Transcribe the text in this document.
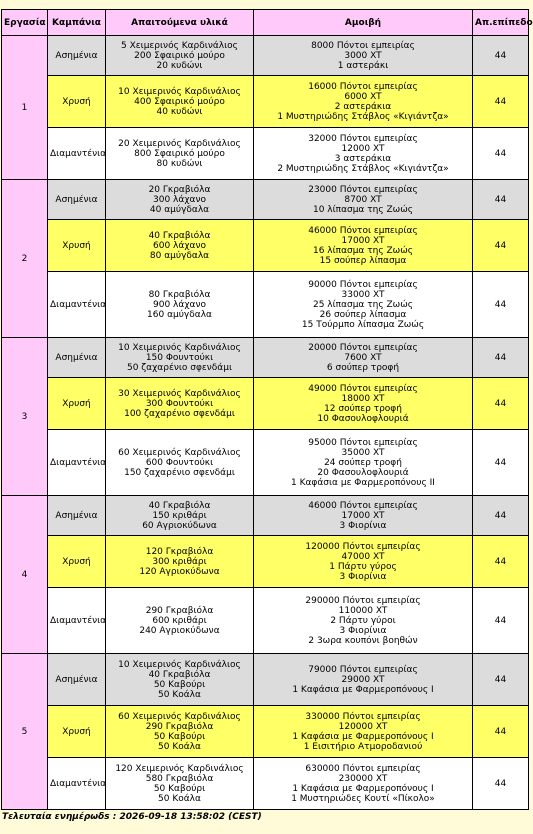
Εργασία	Καμπάνια	Απαιτούμενα υλικά	Αμοιβή	Απ.επίπεδο
1	Ασημένια	5 Χειμερινός Καρδινάλιος
200 Σφαιρικό μούρο
20 κυδώνι	8000 Πόντοι εμπειρίας
3000 XT
1 αστεράκι	44
	Χρυσή	10 Χειμερινός Καρδινάλιος
400 Σφαιρικό μούρο
40 κυδώνι	16000 Πόντοι εμπειρίας
6000 XT
2 αστεράκια
1 Μυστηριώδης Στάβλος «Κιγιάντζα»	44
	Διαμαντένια	20 Χειμερινός Καρδινάλιος
800 Σφαιρικό μούρο
80 κυδώνι	32000 Πόντοι εμπειρίας
12000 XT
3 αστεράκια
2 Μυστηριώδης Στάβλος «Κιγιάντζα»	44
2	Ασημένια	20 Γκραβιόλα
300 λάχανο
40 αμύγδαλα	23000 Πόντοι εμπειρίας
8700 XT
10 λίπασμα της Ζωώς	44
	Χρυσή	40 Γκραβιόλα
600 λάχανο
80 αμύγδαλα	46000 Πόντοι εμπειρίας
17000 XT
16 λίπασμα της Ζωώς
15 σούπερ λίπασμα	44
	Διαμαντένια	80 Γκραβιόλα
900 λάχανο
160 αμύγδαλα	90000 Πόντοι εμπειρίας
33000 XT
25 λίπασμα της Ζωώς
26 σούπερ λίπασμα
15 Τούρμπο λίπασμα Ζωώς	44
3	Ασημένια	10 Χειμερινός Καρδινάλιος
150 Φουντούκι
50 ζαχαρένιο σφενδάμι	20000 Πόντοι εμπειρίας
7600 XT
6 σούπερ τροφή	44
	Χρυσή	30 Χειμερινός Καρδινάλιος
300 Φουντούκι
100 ζαχαρένιο σφενδάμι	49000 Πόντοι εμπειρίας
18000 XT
12 σούπερ τροφή
10 Φασουλοφλουριά	44
	Διαμαντένια	60 Χειμερινός Καρδινάλιος
600 Φουντούκι
150 ζαχαρένιο σφενδάμι	95000 Πόντοι εμπειρίας
35000 XT
24 σούπερ τροφή
20 Φασουλοφλουριά
1 Καφάσια με Φαρμεροπόνους ΙΙ	44
4	Ασημένια	40 Γκραβιόλα
150 κριθάρι
60 Αγριοκύδωνα	46000 Πόντοι εμπειρίας
17000 XT
3 Φιορίνια	44
	Χρυσή	120 Γκραβιόλα
300 κριθάρι
120 Αγριοκύδωνα	120000 Πόντοι εμπειρίας
47000 XT
1 Πάρτυ γύρος
3 Φιορίνια	44
	Διαμαντένια	290 Γκραβιόλα
600 κριθάρι
240 Αγριοκύδωνα	290000 Πόντοι εμπειρίας
110000 XT
2 Πάρτυ γύροι
3 Φιορίνια
2 3ωρα κουπόνι βοηθών	44
5	Ασημένια	10 Χειμερινός Καρδινάλιος
40 Γκραβιόλα
50 Καβούρι
50 Κοάλα	79000 Πόντοι εμπειρίας
29000 XT
1 Καφάσια με Φαρμεροπόνους Ι	44
	Χρυσή	60 Χειμερινός Καρδινάλιος
290 Γκραβιόλα
50 Καβούρι
50 Κοάλα	330000 Πόντοι εμπειρίας
120000 XT
1 Καφάσια με Φαρμεροπόνους Ι
1 Εισιτήριο Ατμοροδανιού	44
	Διαμαντένια	120 Χειμερινός Καρδινάλιος
580 Γκραβιόλα
50 Καβούρι
50 Κοάλα	630000 Πόντοι εμπειρίας
230000 XT
1 Καφάσια με Φαρμεροπόνους Ι
1 Μυστηριώδες Κουτί «Πίκολο»	44
Τελευταία ενημέρωδs : 2026-09-18 13:58:02 (CEST)
